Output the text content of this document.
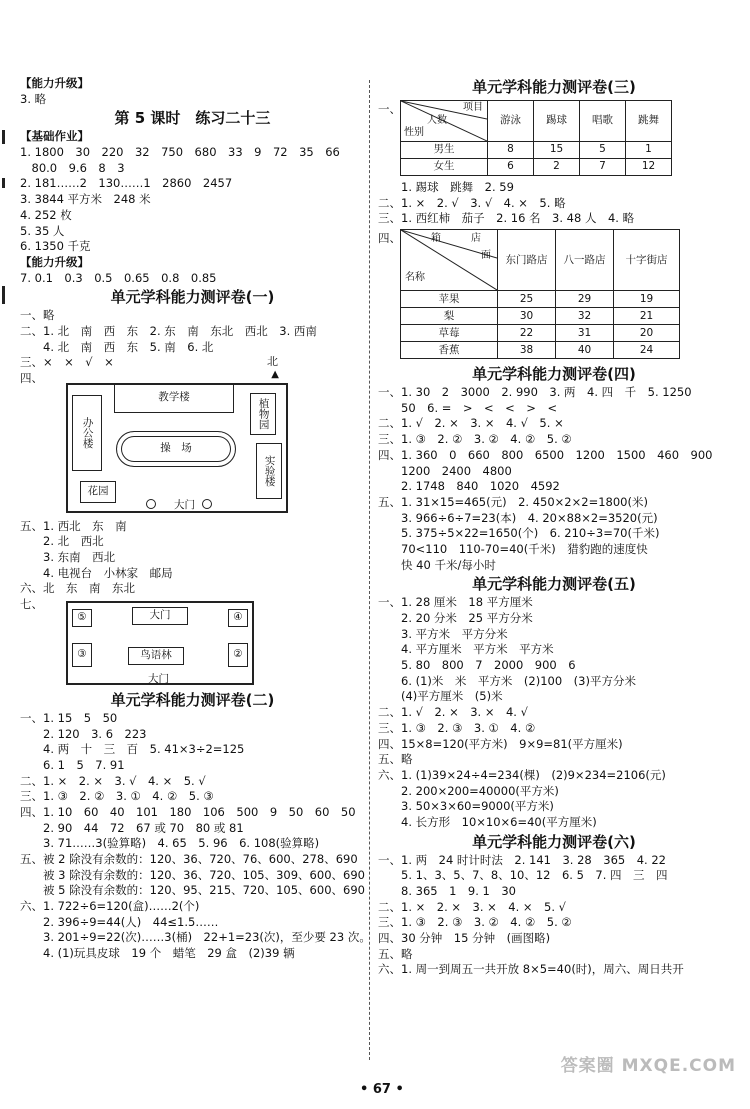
【能力升级】
3. 略
第 5 课时　练习二十三
【基础作业】
1. 1800　30　220　32　750　680　33　9　72　35　66
　80.0　9.6　8　3
2. 181……2　130……1　2860　2457
3. 3844 平方米　248 米
4. 252 枚
5. 35 人
6. 1350 千克
【能力升级】
7. 0.1　0.3　0.5　0.65　0.8　0.85
单元学科能力测评卷(一)
一、略
二、1. 北　南　西　东　2. 东　南　东北　西北　3. 西南
　　4. 北　南　西　东　5. 南　6. 北
三、×　×　√　×
四、
北
▲
教学楼
植物园
办公楼	操　场
实验楼
花园
大门
五、1. 西北　东　南
　　2. 北　西北
　　3. 东南　西北
　　4. 电视台　小林家　邮局
六、北　东　南　东北
七、
⑤	④
③	②
大门
鸟语林
大门
单元学科能力测评卷(二)
一、1. 15　5　50
　　2. 120　3. 6　223
　　4. 两　十　三　百　5. 41×3÷2=125
　　6. 1　5　7. 91
二、1. ×　2. ×　3. √　4. ×　5. √
三、1. ③　2. ②　3. ①　4. ②　5. ③
四、1. 10　60　40　101　180　106　500　9　50　60　50
　　2. 90　44　72　67 或 70　80 或 81
　　3. 71……3(验算略)　4. 65　5. 96　6. 108(验算略)
五、被 2 除没有余数的：120、36、720、76、600、278、690
　　被 3 除没有余数的：120、36、720、105、309、600、690
　　被 5 除没有余数的：120、95、215、720、105、600、690
六、1. 722÷6=120(盒)……2(个)
　　2. 396÷9=44(人)　44≤1.5……
　　3. 201÷9=22(次)……3(桶)　22+1=23(次)，至少要 23 次。
　　4. (1)玩具皮球　19 个　蜡笔　29 盒　(2)39 辆
单元学科能力测评卷(三)
一、	项目
人数
性别	游泳	踢球	唱歌	跳舞
男生	8	15	5	1
女生	6	2	7	12
　　1. 踢球　跳舞　2. 59
二、1. ×　2. √　3. √　4. ×　5. 略
三、1. 西红柿　茄子　2. 16 名　3. 48 人　4. 略
四、	箱 店
面
名称	东门路店	八一路店	十字街店
苹果	25	29	19
梨	30	32	21
草莓	22	31	20
香蕉	38	40	24
单元学科能力测评卷(四)
一、1. 30　2　3000　2. 990　3. 两　4. 四　千　5. 1250
　　50　6. =　>　<　<　>　<
二、1. √　2. ×　3. ×　4. √　5. ×
三、1. ③　2. ②　3. ②　4. ②　5. ②
四、1. 360　0　660　800　6500　1200　1500　460　900
　　1200　2400　4800
　　2. 1748　840　1020　4592
五、1. 31×15=465(元)　2. 450×2×2=1800(米)
　　3. 966÷6÷7=23(本)　4. 20×88×2=3520(元)
　　5. 375÷5×22=1650(个)　6. 210÷3=70(千米)
　　70<110　110-70=40(千米)　猎豹跑的速度快
　　快 40 千米/每小时
单元学科能力测评卷(五)
一、1. 28 厘米　18 平方厘米
　　2. 20 分米　25 平方分米
　　3. 平方米　平方分米
　　4. 平方厘米　平方米　平方米
　　5. 80　800　7　2000　900　6
　　6. (1)米　米　平方米　(2)100　(3)平方分米
　　(4)平方厘米　(5)米
二、1. √　2. ×　3. ×　4. √
三、1. ③　2. ③　3. ①　4. ②
四、15×8=120(平方米)　9×9=81(平方厘米)
五、略
六、1. (1)39×24÷4=234(棵)　(2)9×234=2106(元)
　　2. 200×200=40000(平方米)
　　3. 50×3×60=9000(平方米)
　　4. 长方形　10×10×6=40(平方厘米)
单元学科能力测评卷(六)
一、1. 两　24 时计时法　2. 141　3. 28　365　4. 22
　　5. 1、3、5、7、8、10、12　6. 5　7. 四　三　四
　　8. 365　1　9. 1　30
二、1. ×　2. ×　3. ×　4. ×　5. √
三、1. ③　2. ③　3. ②　4. ②　5. ②
四、30 分钟　15 分钟　(画图略)
五、略
六、1. 周一到周五一共开放 8×5=40(时)，周六、周日共开
• 67 •
答案圈 MXQE.COM
